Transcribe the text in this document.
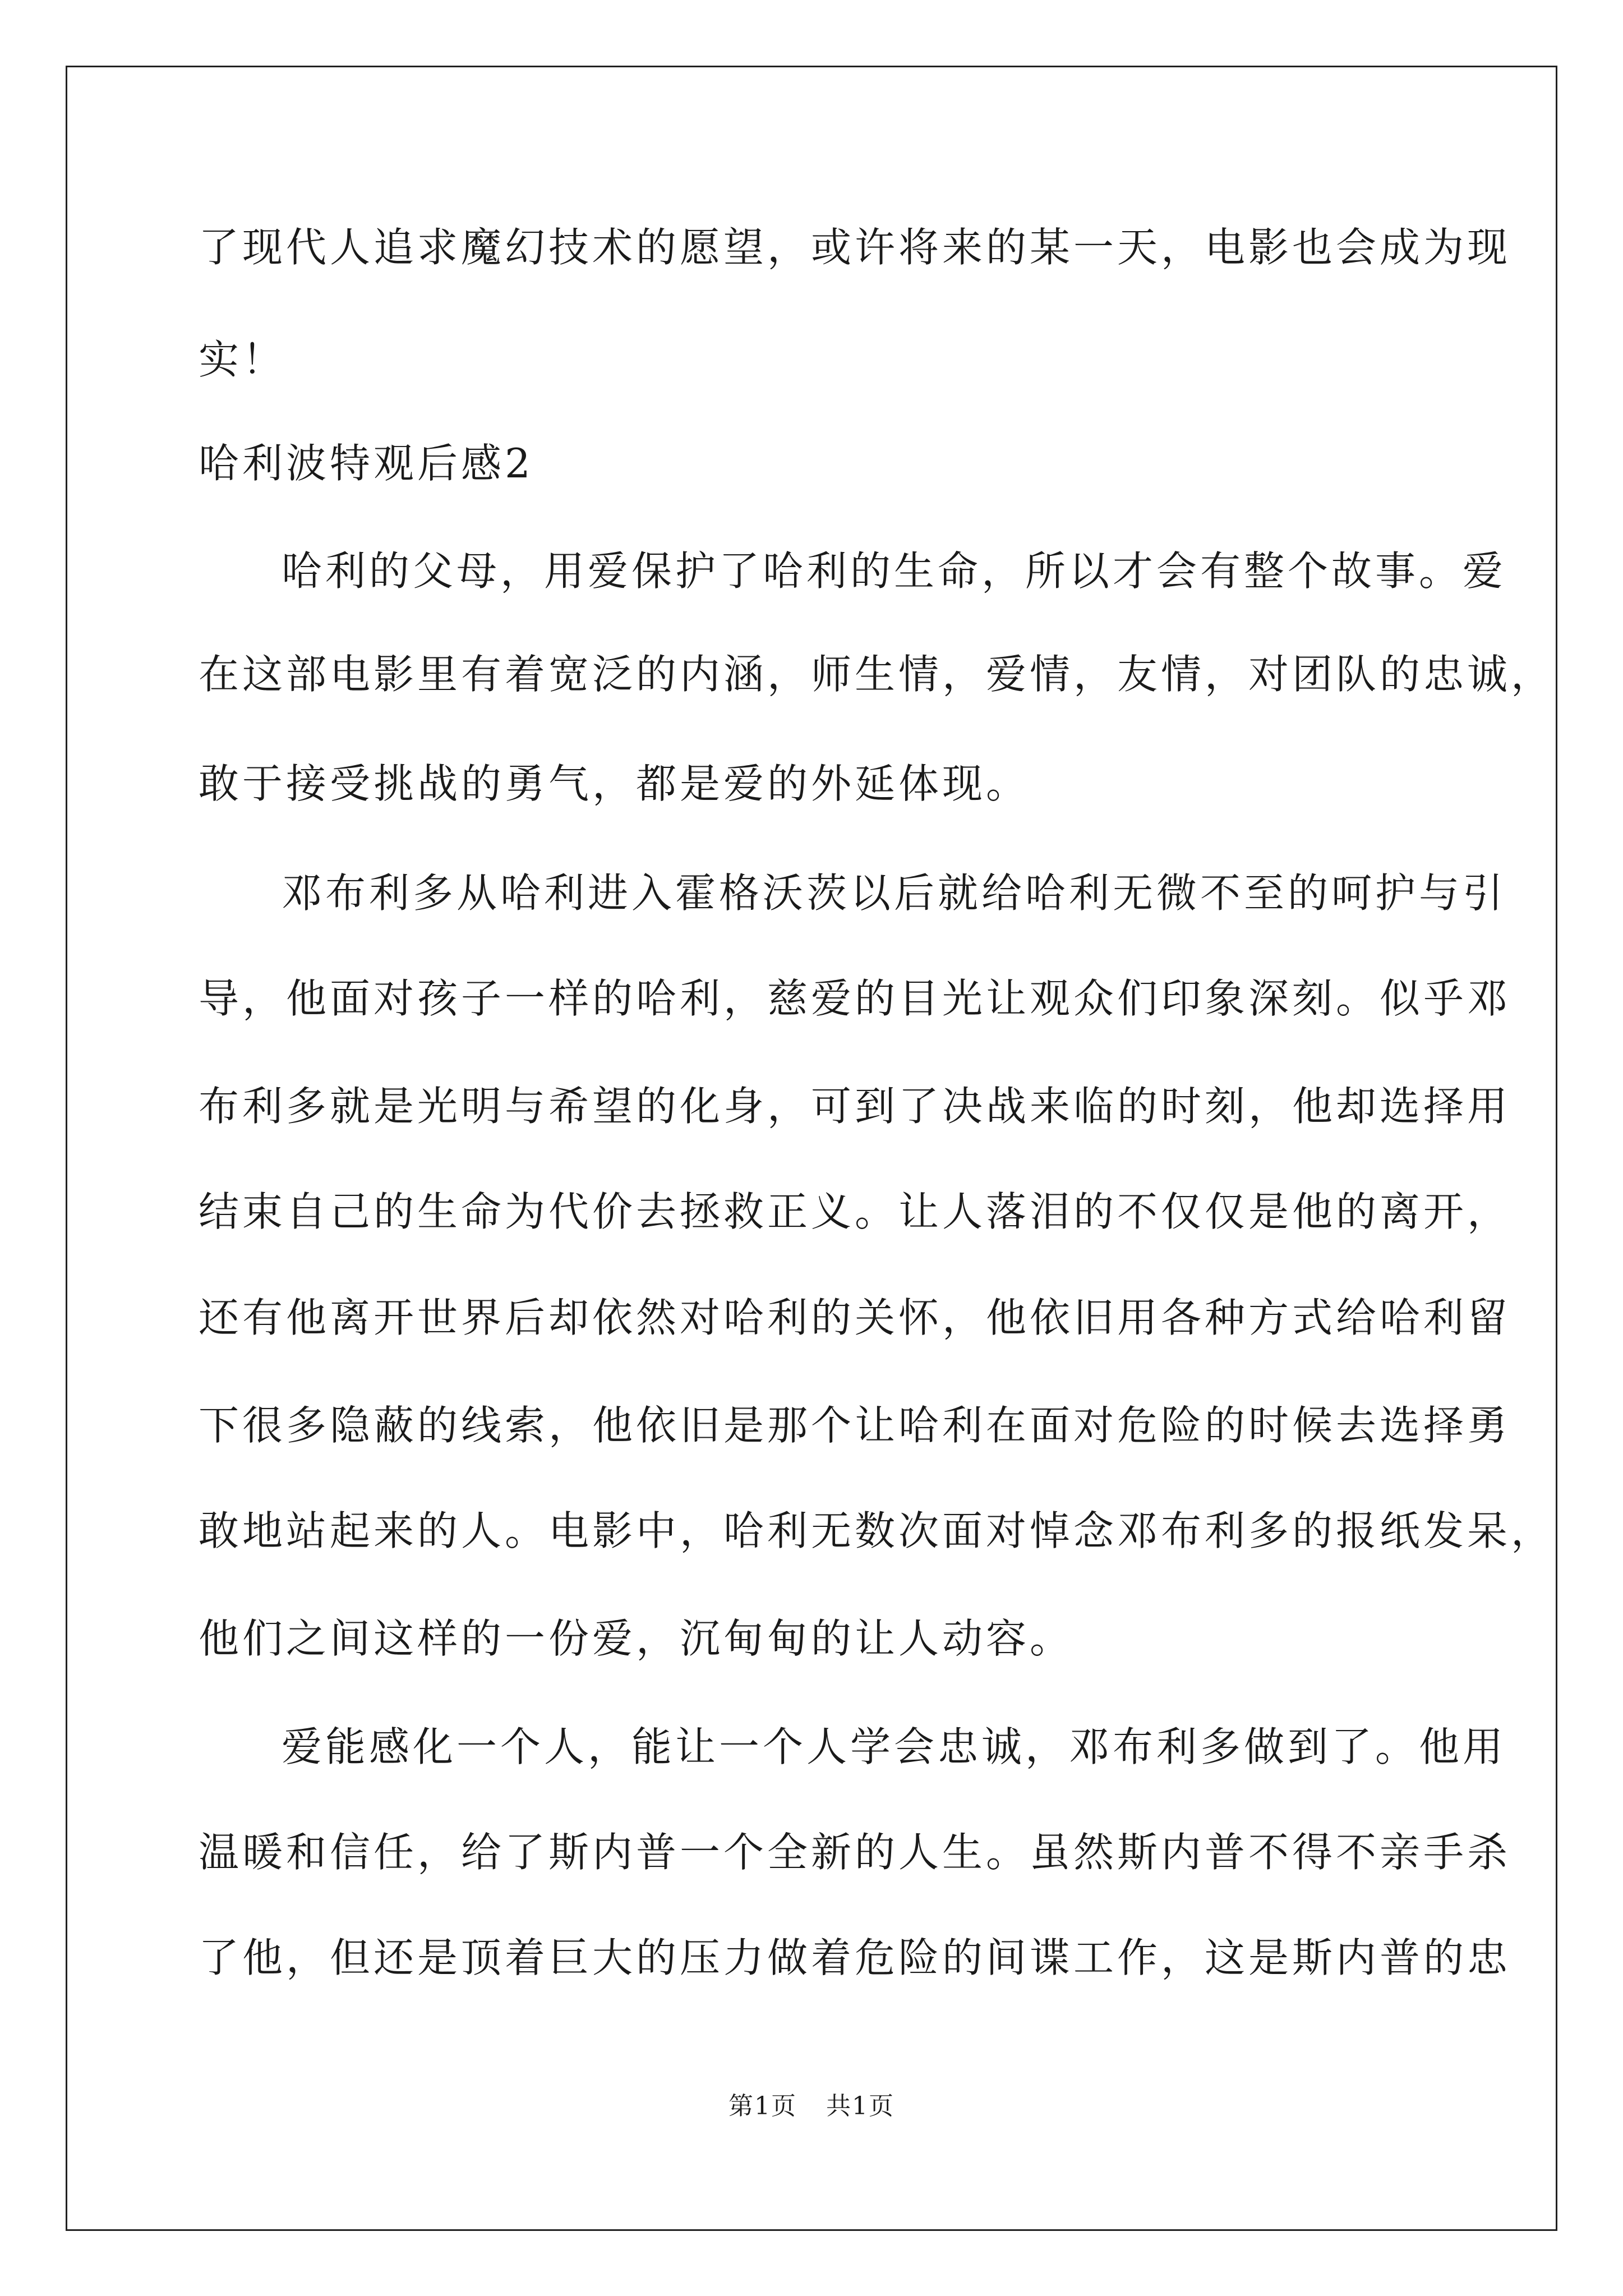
了现代人追求魔幻技术的愿望，或许将来的某一天，电影也会成为现
实！
哈利波特观后感2
哈利的父母，用爱保护了哈利的生命，所以才会有整个故事。爱
在这部电影里有着宽泛的内涵，师生情，爱情，友情，对团队的忠诚，
敢于接受挑战的勇气，都是爱的外延体现。
邓布利多从哈利进入霍格沃茨以后就给哈利无微不至的呵护与引
导，他面对孩子一样的哈利，慈爱的目光让观众们印象深刻。似乎邓
布利多就是光明与希望的化身，可到了决战来临的时刻，他却选择用
结束自己的生命为代价去拯救正义。让人落泪的不仅仅是他的离开，
还有他离开世界后却依然对哈利的关怀，他依旧用各种方式给哈利留
下很多隐蔽的线索，他依旧是那个让哈利在面对危险的时候去选择勇
敢地站起来的人。电影中，哈利无数次面对悼念邓布利多的报纸发呆，
他们之间这样的一份爱，沉甸甸的让人动容。
爱能感化一个人，能让一个人学会忠诚，邓布利多做到了。他用
温暖和信任，给了斯内普一个全新的人生。虽然斯内普不得不亲手杀
了他，但还是顶着巨大的压力做着危险的间谍工作，这是斯内普的忠
第1页 共1页
